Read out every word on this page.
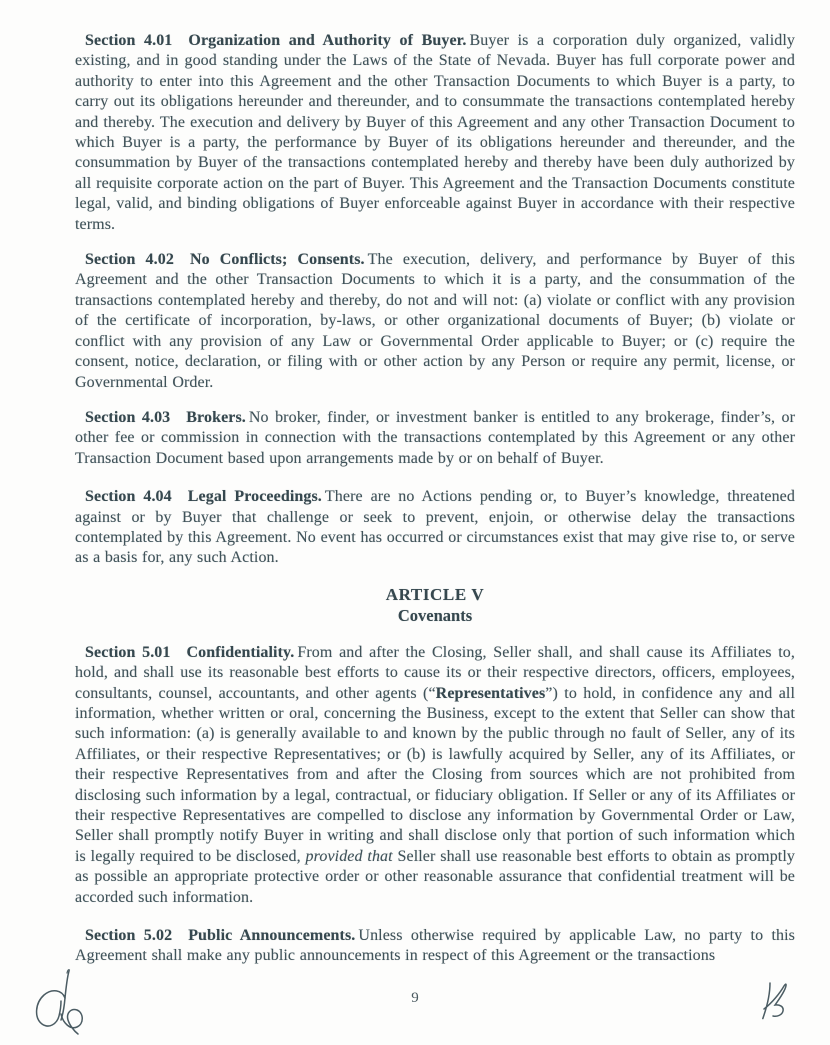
Section 4.01 Organization and Authority of Buyer. Buyer is a corporation duly organized, validly existing, and in good standing under the Laws of the State of Nevada. Buyer has full corporate power and authority to enter into this Agreement and the other Transaction Documents to which Buyer is a party, to carry out its obligations hereunder and thereunder, and to consummate the transactions contemplated hereby and thereby. The execution and delivery by Buyer of this Agreement and any other Transaction Document to which Buyer is a party, the performance by Buyer of its obligations hereunder and thereunder, and the consummation by Buyer of the transactions contemplated hereby and thereby have been duly authorized by all requisite corporate action on the part of Buyer. This Agreement and the Transaction Documents constitute legal, valid, and binding obligations of Buyer enforceable against Buyer in accordance with their respective terms.

Section 4.02 No Conflicts; Consents. The execution, delivery, and performance by Buyer of this Agreement and the other Transaction Documents to which it is a party, and the consummation of the transactions contemplated hereby and thereby, do not and will not: (a) violate or conflict with any provision of the certificate of incorporation, by-laws, or other organizational documents of Buyer; (b) violate or conflict with any provision of any Law or Governmental Order applicable to Buyer; or (c) require the consent, notice, declaration, or filing with or other action by any Person or require any permit, license, or Governmental Order.

Section 4.03 Brokers. No broker, finder, or investment banker is entitled to any brokerage, finder’s, or other fee or commission in connection with the transactions contemplated by this Agreement or any other Transaction Document based upon arrangements made by or on behalf of Buyer.

Section 4.04 Legal Proceedings. There are no Actions pending or, to Buyer’s knowledge, threatened against or by Buyer that challenge or seek to prevent, enjoin, or otherwise delay the transactions contemplated by this Agreement. No event has occurred or circumstances exist that may give rise to, or serve as a basis for, any such Action.

ARTICLE V
Covenants

Section 5.01 Confidentiality. From and after the Closing, Seller shall, and shall cause its Affiliates to, hold, and shall use its reasonable best efforts to cause its or their respective directors, officers, employees, consultants, counsel, accountants, and other agents (“Representatives”) to hold, in confidence any and all information, whether written or oral, concerning the Business, except to the extent that Seller can show that such information: (a) is generally available to and known by the public through no fault of Seller, any of its Affiliates, or their respective Representatives; or (b) is lawfully acquired by Seller, any of its Affiliates, or their respective Representatives from and after the Closing from sources which are not prohibited from disclosing such information by a legal, contractual, or fiduciary obligation. If Seller or any of its Affiliates or their respective Representatives are compelled to disclose any information by Governmental Order or Law, Seller shall promptly notify Buyer in writing and shall disclose only that portion of such information which is legally required to be disclosed, provided that Seller shall use reasonable best efforts to obtain as promptly as possible an appropriate protective order or other reasonable assurance that confidential treatment will be accorded such information.

Section 5.02 Public Announcements. Unless otherwise required by applicable Law, no party to this Agreement shall make any public announcements in respect of this Agreement or the transactions

9
